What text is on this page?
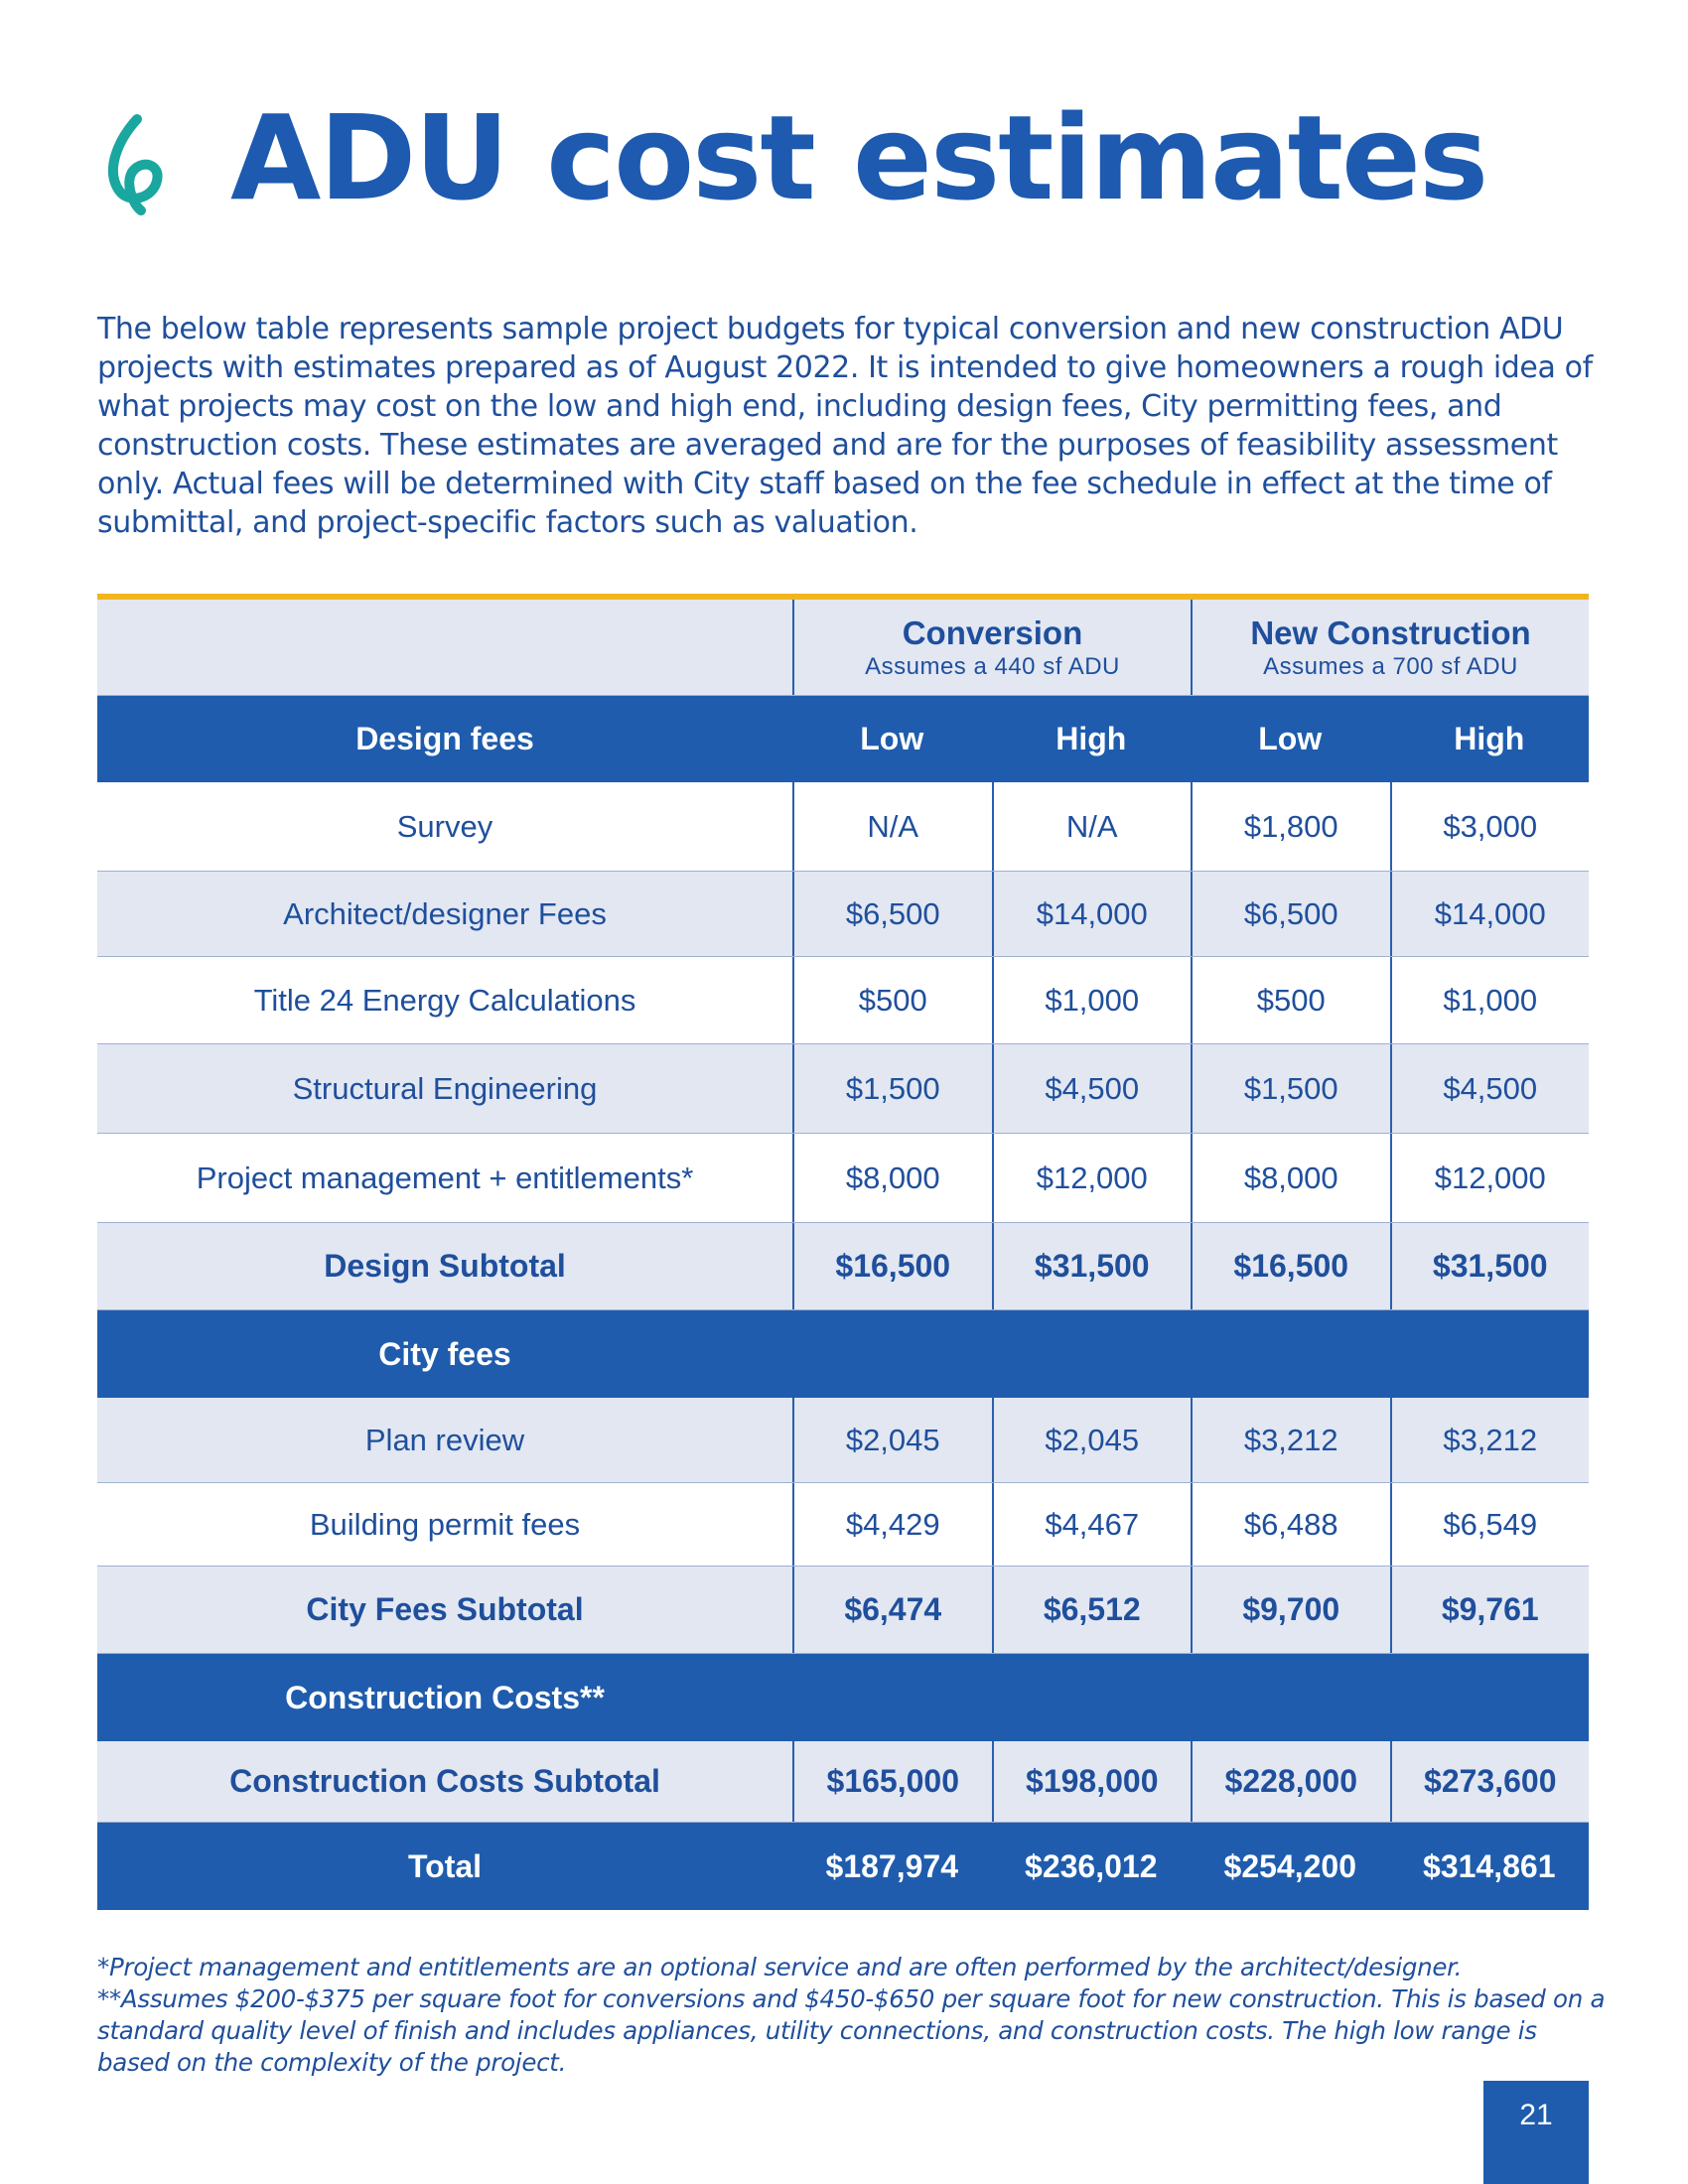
ADU cost estimates

The below table represents sample project budgets for typical conversion and new construction ADU projects with estimates prepared as of August 2022. It is intended to give homeowners a rough idea of what projects may cost on the low and high end, including design fees, City permitting fees, and construction costs. These estimates are averaged and are for the purposes of feasibility assessment only. Actual fees will be determined with City staff based on the fee schedule in effect at the time of submittal, and project-specific factors such as valuation.

Conversion
Assumes a 440 sf ADU
New Construction
Assumes a 700 sf ADU
Design fees	Low	High	Low	High
Survey	N/A	N/A	$1,800	$3,000
Architect/designer Fees	$6,500	$14,000	$6,500	$14,000
Title 24 Energy Calculations	$500	$1,000	$500	$1,000
Structural Engineering	$1,500	$4,500	$1,500	$4,500
Project management + entitlements*	$8,000	$12,000	$8,000	$12,000
Design Subtotal	$16,500	$31,500	$16,500	$31,500
City fees
Plan review	$2,045	$2,045	$3,212	$3,212
Building permit fees	$4,429	$4,467	$6,488	$6,549
City Fees Subtotal	$6,474	$6,512	$9,700	$9,761
Construction Costs**
Construction Costs Subtotal	$165,000	$198,000	$228,000	$273,600
Total	$187,974	$236,012	$254,200	$314,861

*Project management and entitlements are an optional service and are often performed by the architect/designer.

**Assumes $200-$375 per square foot for conversions and $450-$650 per square foot for new construction. This is based on a standard quality level of finish and includes appliances, utility connections, and construction costs. The high low range is based on the complexity of the project.

21
